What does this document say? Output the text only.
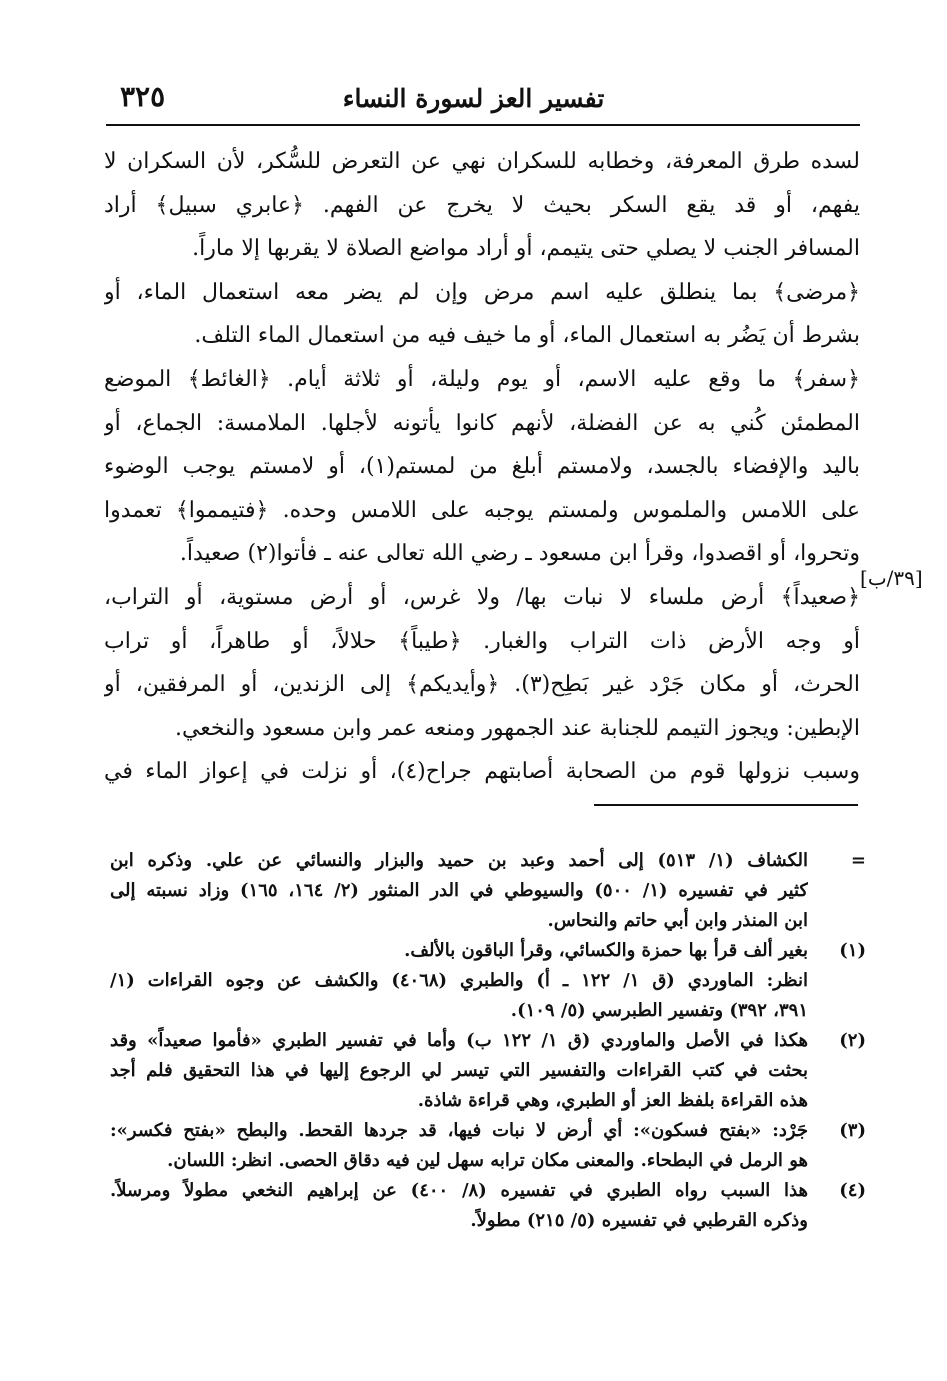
٣٢٥	تفسير العز لسورة النساء
لسده طرق المعرفة، وخطابه للسكران نهي عن التعرض للسُّكر، لأن السكران لا
يفهم، أو قد يقع السكر بحيث لا يخرج عن الفهم. ﴿عابري سبيل﴾ أراد
المسافر الجنب لا يصلي حتى يتيمم، أو أراد مواضع الصلاة لا يقربها إلا ماراً.
﴿مرضى﴾ بما ينطلق عليه اسم مرض وإن لم يضر معه استعمال الماء، أو
بشرط أن يَضُر به استعمال الماء، أو ما خيف فيه من استعمال الماء التلف.
﴿سفر﴾ ما وقع عليه الاسم، أو يوم وليلة، أو ثلاثة أيام. ﴿الغائط﴾ الموضع
المطمئن كُني به عن الفضلة، لأنهم كانوا يأتونه لأجلها. الملامسة: الجماع، أو
باليد والإفضاء بالجسد، ولامستم أبلغ من لمستم(١)، أو لامستم يوجب الوضوء
على اللامس والملموس ولمستم يوجبه على اللامس وحده. ﴿فتيمموا﴾ تعمدوا
وتحروا، أو اقصدوا، وقرأ ابن مسعود ـ رضي الله تعالى عنه ـ فأتوا(٢) صعيداً.
﴿صعيداً﴾ أرض ملساء لا نبات بها/ ولا غرس، أو أرض مستوية، أو التراب،
أو وجه الأرض ذات التراب والغبار. ﴿طيباً﴾ حلالاً، أو طاهراً، أو تراب
الحرث، أو مكان جَرْد غير بَطِح(٣). ﴿وأيديكم﴾ إلى الزندين، أو المرفقين، أو
الإبطين: ويجوز التيمم للجنابة عند الجمهور ومنعه عمر وابن مسعود والنخعي.
وسبب نزولها قوم من الصحابة أصابتهم جراح(٤)، أو نزلت في إعواز الماء في
[٣٩/ب]
=
الكشاف (١/ ٥١٣) إلى أحمد وعبد بن حميد والبزار والنسائي عن علي. وذكره ابن
كثير في تفسيره (١/ ٥٠٠) والسيوطي في الدر المنثور (٢/ ١٦٤، ١٦٥) وزاد نسبته إلى
ابن المنذر وابن أبي حاتم والنحاس.
(١)
بغير ألف قرأ بها حمزة والكسائي، وقرأ الباقون بالألف.
انظر: الماوردي (ق ١/ ١٢٢ ـ أ) والطبري (٤٠٦٨) والكشف عن وجوه القراءات (١/
٣٩١، ٣٩٢) وتفسير الطبرسي (٥/ ١٠٩).
(٢)
هكذا في الأصل والماوردي (ق ١/ ١٢٢ ب) وأما في تفسير الطبري «فأموا صعيداً» وقد
بحثت في كتب القراءات والتفسير التي تيسر لي الرجوع إليها في هذا التحقيق فلم أجد
هذه القراءة بلفظ العز أو الطبري، وهي قراءة شاذة.
(٣)
جَرْد: «بفتح فسكون»: أي أرض لا نبات فيها، قد جردها القحط. والبطح «بفتح فكسر»:
هو الرمل في البطحاء. والمعنى مكان ترابه سهل لين فيه دقاق الحصى. انظر: اللسان.
(٤)
هذا السبب رواه الطبري في تفسيره (٨/ ٤٠٠) عن إبراهيم النخعي مطولاً ومرسلاً.
وذكره القرطبي في تفسيره (٥/ ٢١٥) مطولاً.
